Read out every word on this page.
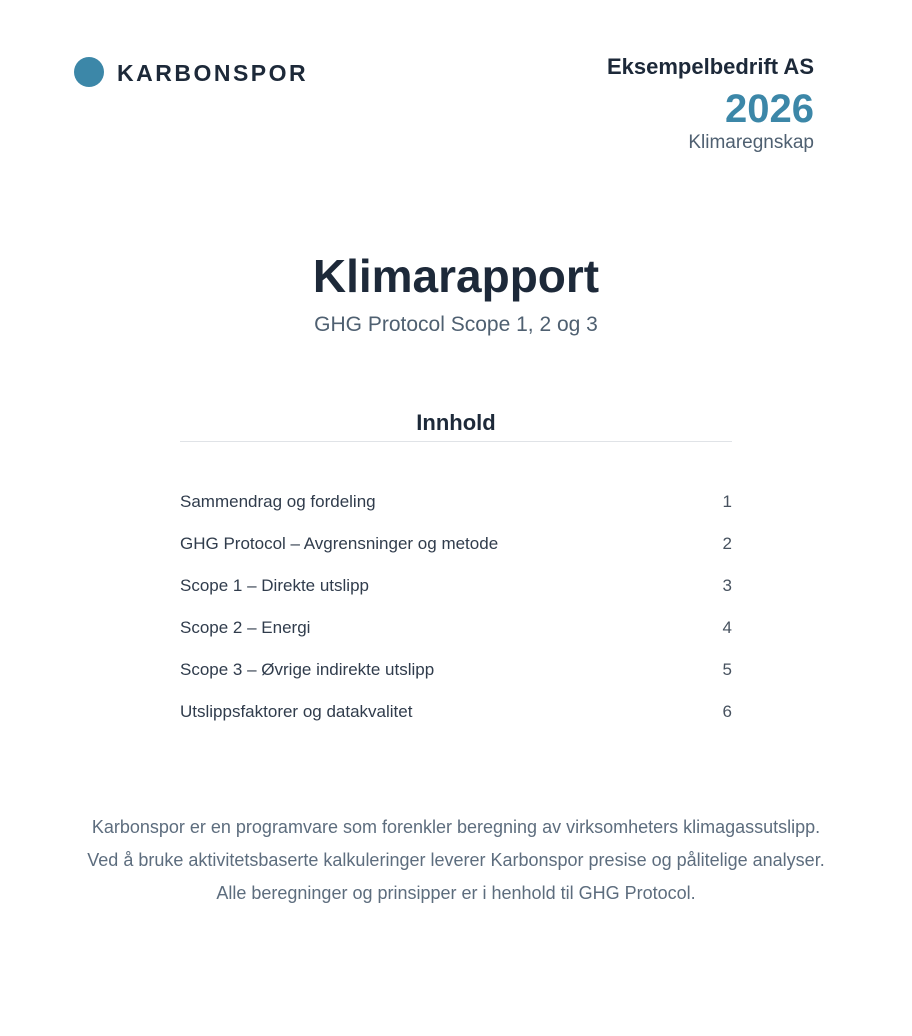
KARBONSPOR	Eksempelbedrift AS
2026
Klimaregnskap
Klimarapport
GHG Protocol Scope 1, 2 og 3
Innhold
Sammendrag og fordeling	1
GHG Protocol – Avgrensninger og metode	2
Scope 1 – Direkte utslipp	3
Scope 2 – Energi	4
Scope 3 – Øvrige indirekte utslipp	5
Utslippsfaktorer og datakvalitet	6
Karbonspor er en programvare som forenkler beregning av virksomheters klimagassutslipp.
Ved å bruke aktivitetsbaserte kalkuleringer leverer Karbonspor presise og pålitelige analyser.
Alle beregninger og prinsipper er i henhold til GHG Protocol.
